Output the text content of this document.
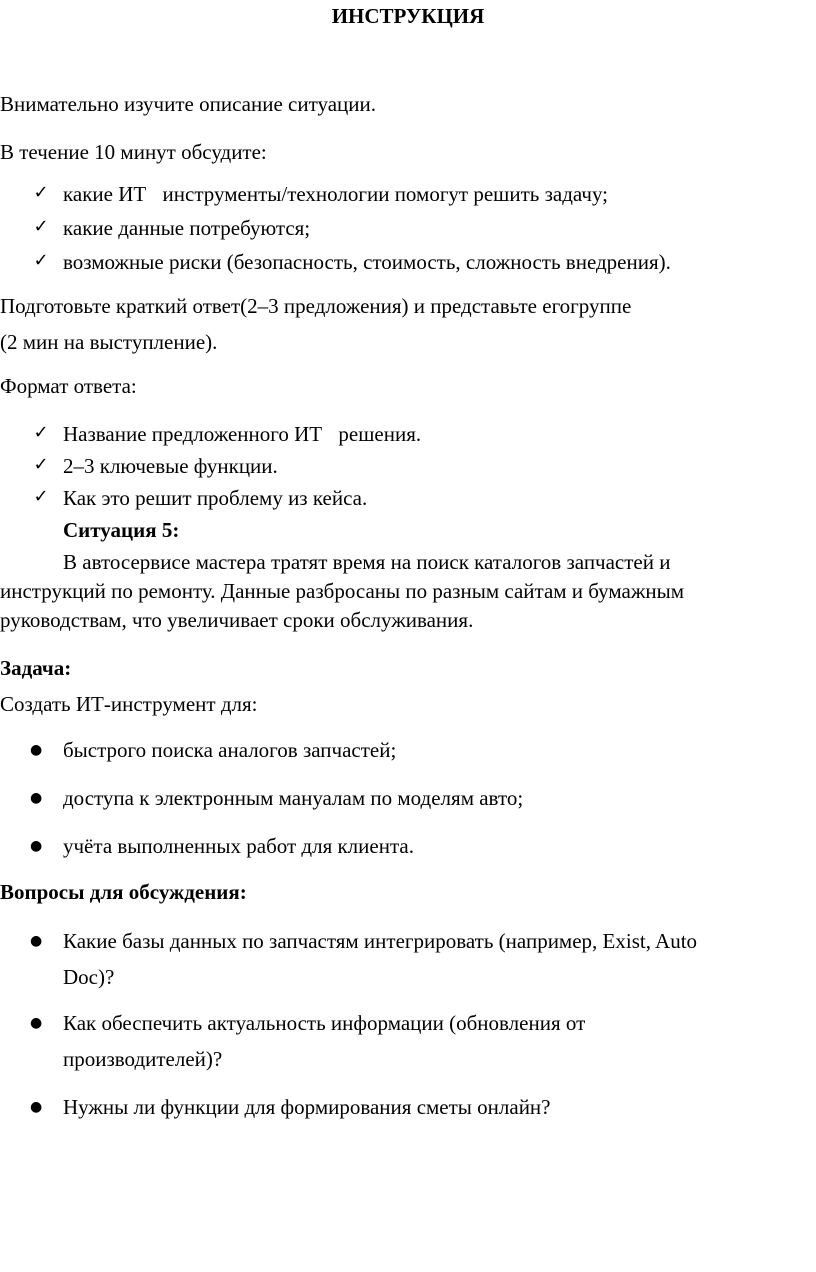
ИНСТРУКЦИЯ
Внимательно изучите описание ситуации.
В течение 10 минут обсудите:
✓ какие ИТ инструменты/технологии помогут решить задачу;
✓ какие данные потребуются;
✓ возможные риски (безопасность, стоимость, сложность внедрения).
Подготовьте краткий ответ(2–3 предложения) и представьте егогруппе
(2 мин на выступление).
Формат ответа:
✓ Название предложенного ИТ решения.
✓ 2–3 ключевые функции.
✓ Как это решит проблему из кейса.
Ситуация 5:
В автосервисе мастера тратят время на поиск каталогов запчастей и
инструкций по ремонту. Данные разбросаны по разным сайтам и бумажным
руководствам, что увеличивает сроки обслуживания.
Задача:
Создать ИТ-инструмент для:
● быстрого поиска аналогов запчастей;
● доступа к электронным мануалам по моделям авто;
● учёта выполненных работ для клиента.
Вопросы для обсуждения:
● Какие базы данных по запчастям интегрировать (например, Exist, Auto
Doc)?
● Как обеспечить актуальность информации (обновления от
производителей)?
● Нужны ли функции для формирования сметы онлайн?
